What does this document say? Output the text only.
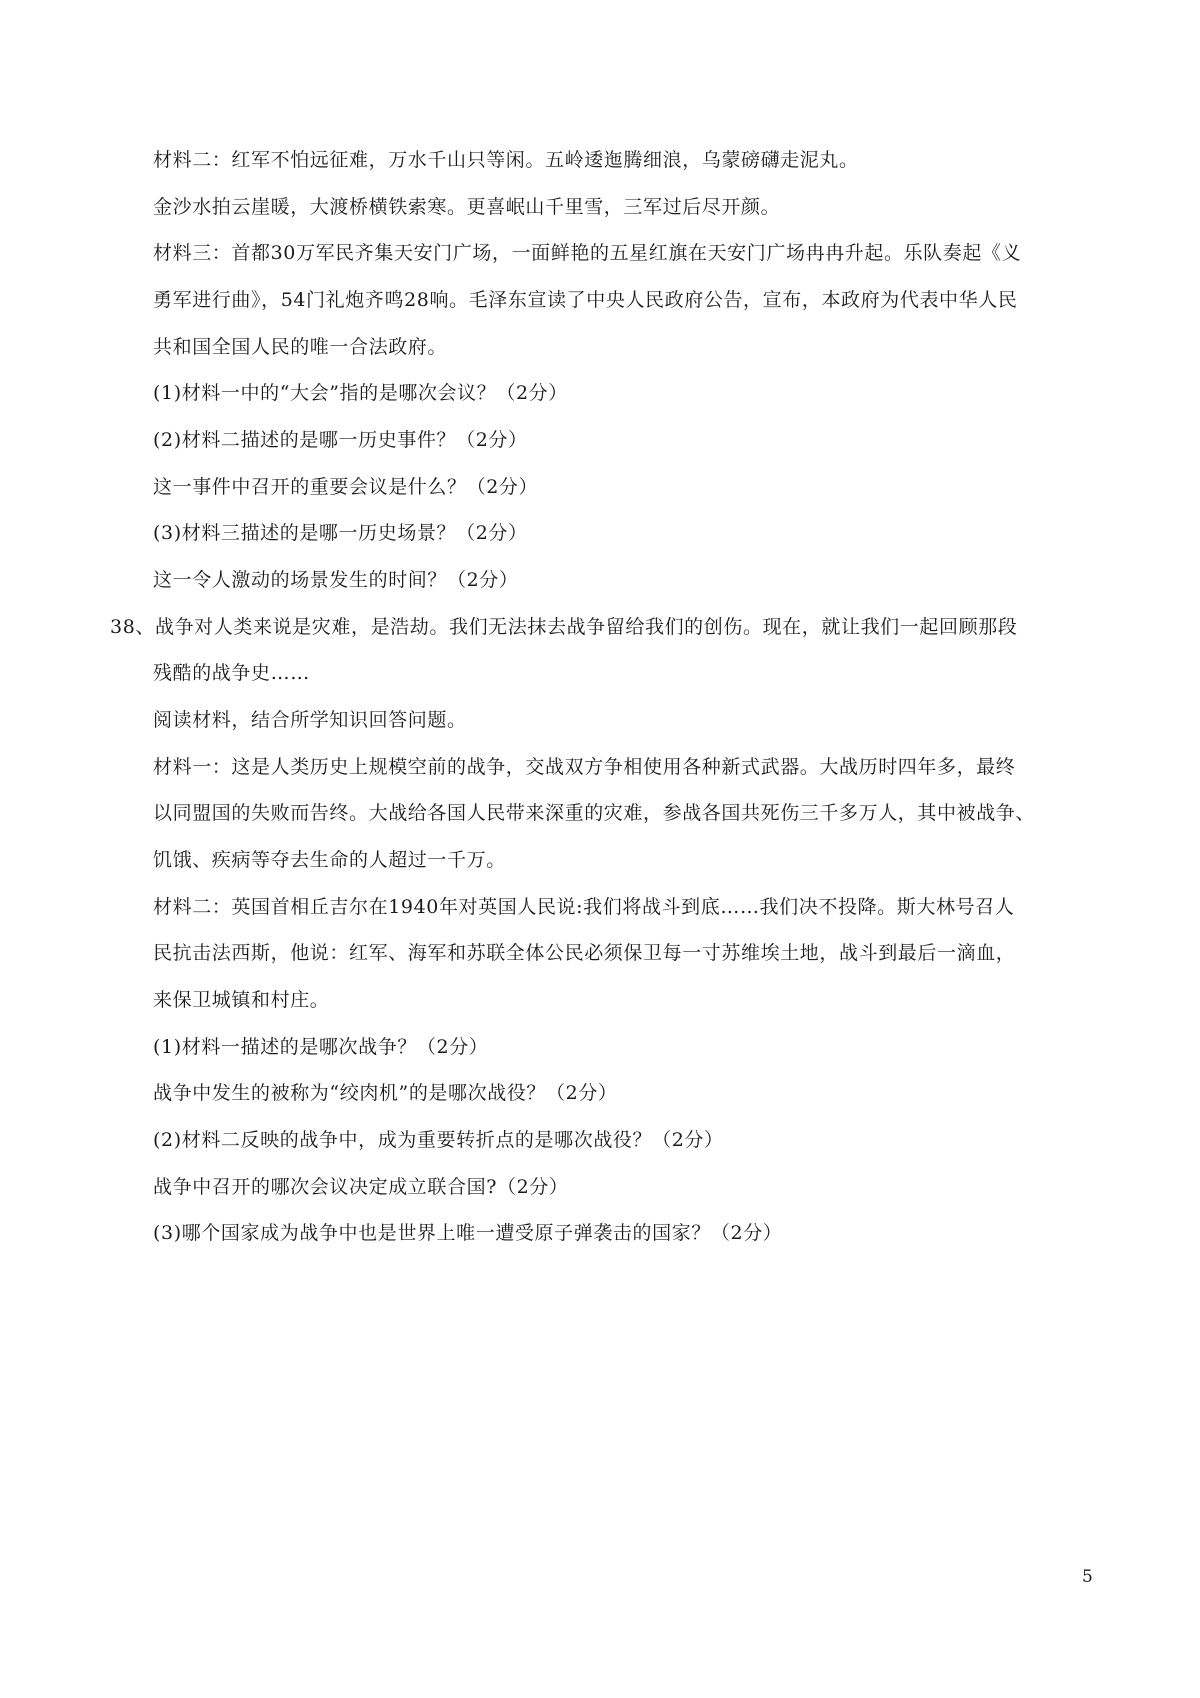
材料二：红军不怕远征难，万水千山只等闲。五岭逶迤腾细浪，乌蒙磅礴走泥丸。
金沙水拍云崖暖，大渡桥横铁索寒。更喜岷山千里雪，三军过后尽开颜。
材料三：首都30万军民齐集天安门广场，一面鲜艳的五星红旗在天安门广场冉冉升起。乐队奏起《义
勇军进行曲》，54门礼炮齐鸣28响。毛泽东宣读了中央人民政府公告，宣布，本政府为代表中华人民
共和国全国人民的唯一合法政府。
(1)材料一中的“大会”指的是哪次会议？（2分）
(2)材料二描述的是哪一历史事件？（2分）
这一事件中召开的重要会议是什么？（2分）
(3)材料三描述的是哪一历史场景？（2分）
这一令人激动的场景发生的时间？（2分）
38、战争对人类来说是灾难，是浩劫。我们无法抹去战争留给我们的创伤。现在，就让我们一起回顾那段
残酷的战争史……
阅读材料，结合所学知识回答问题。
材料一：这是人类历史上规模空前的战争，交战双方争相使用各种新式武器。大战历时四年多，最终
以同盟国的失败而告终。大战给各国人民带来深重的灾难，参战各国共死伤三千多万人，其中被战争、
饥饿、疾病等夺去生命的人超过一千万。
材料二：英国首相丘吉尔在1940年对英国人民说:我们将战斗到底……我们决不投降。斯大林号召人
民抗击法西斯，他说：红军、海军和苏联全体公民必须保卫每一寸苏维埃土地，战斗到最后一滴血，
来保卫城镇和村庄。
(1)材料一描述的是哪次战争？（2分）
战争中发生的被称为“绞肉机”的是哪次战役？（2分）
(2)材料二反映的战争中，成为重要转折点的是哪次战役？（2分）
战争中召开的哪次会议决定成立联合国?（2分）
(3)哪个国家成为战争中也是世界上唯一遭受原子弹袭击的国家？（2分）
5
